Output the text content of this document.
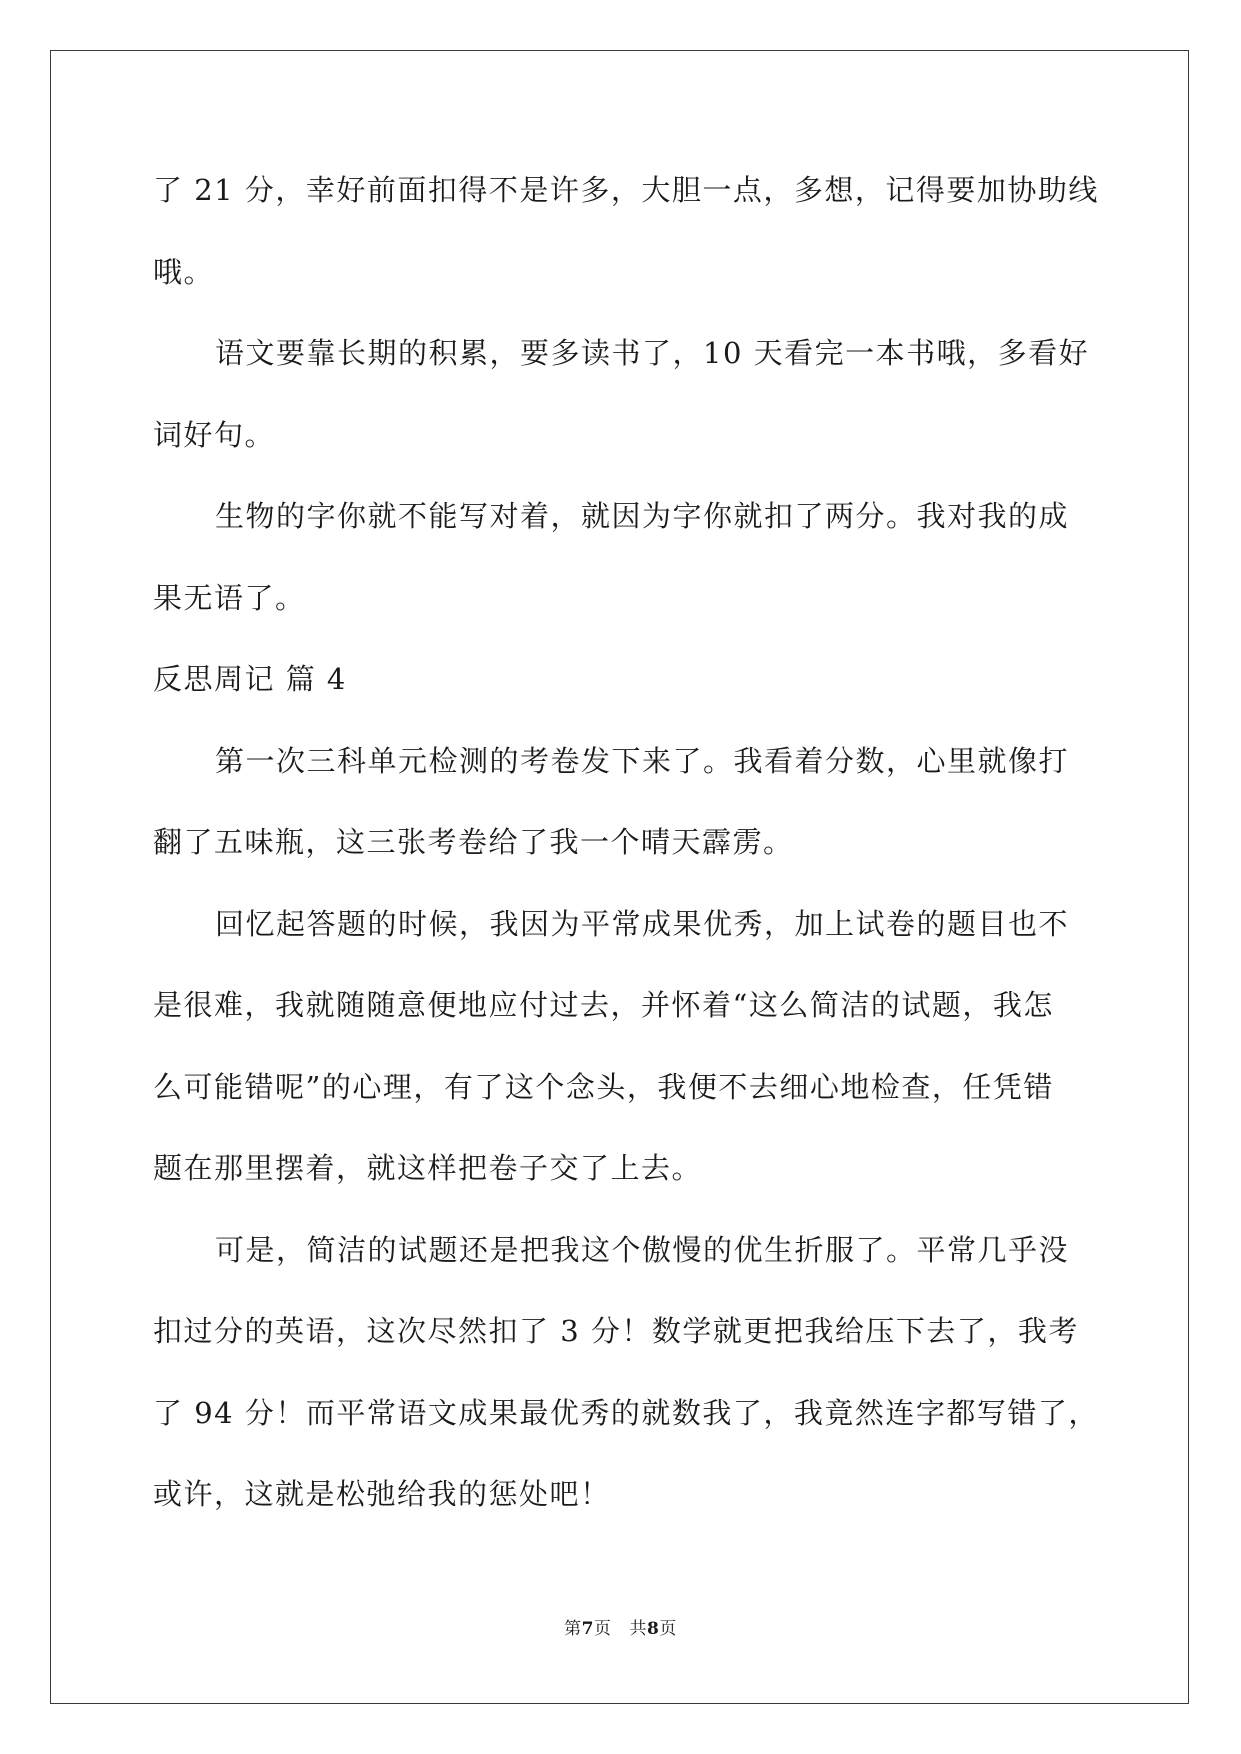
了 21 分，幸好前面扣得不是许多，大胆一点，多想，记得要加协助线
哦。
语文要靠长期的积累，要多读书了，10 天看完一本书哦，多看好
词好句。
生物的字你就不能写对着，就因为字你就扣了两分。我对我的成
果无语了。
反思周记 篇 4
第一次三科单元检测的考卷发下来了。我看着分数，心里就像打
翻了五味瓶，这三张考卷给了我一个晴天霹雳。
回忆起答题的时候，我因为平常成果优秀，加上试卷的题目也不
是很难，我就随随意便地应付过去，并怀着“这么简洁的试题，我怎
么可能错呢”的心理，有了这个念头，我便不去细心地检查，任凭错
题在那里摆着，就这样把卷子交了上去。
可是，简洁的试题还是把我这个傲慢的优生折服了。平常几乎没
扣过分的英语，这次尽然扣了 3 分！数学就更把我给压下去了，我考
了 94 分！而平常语文成果最优秀的就数我了，我竟然连字都写错了，
或许，这就是松弛给我的惩处吧！
第7页 共8页
